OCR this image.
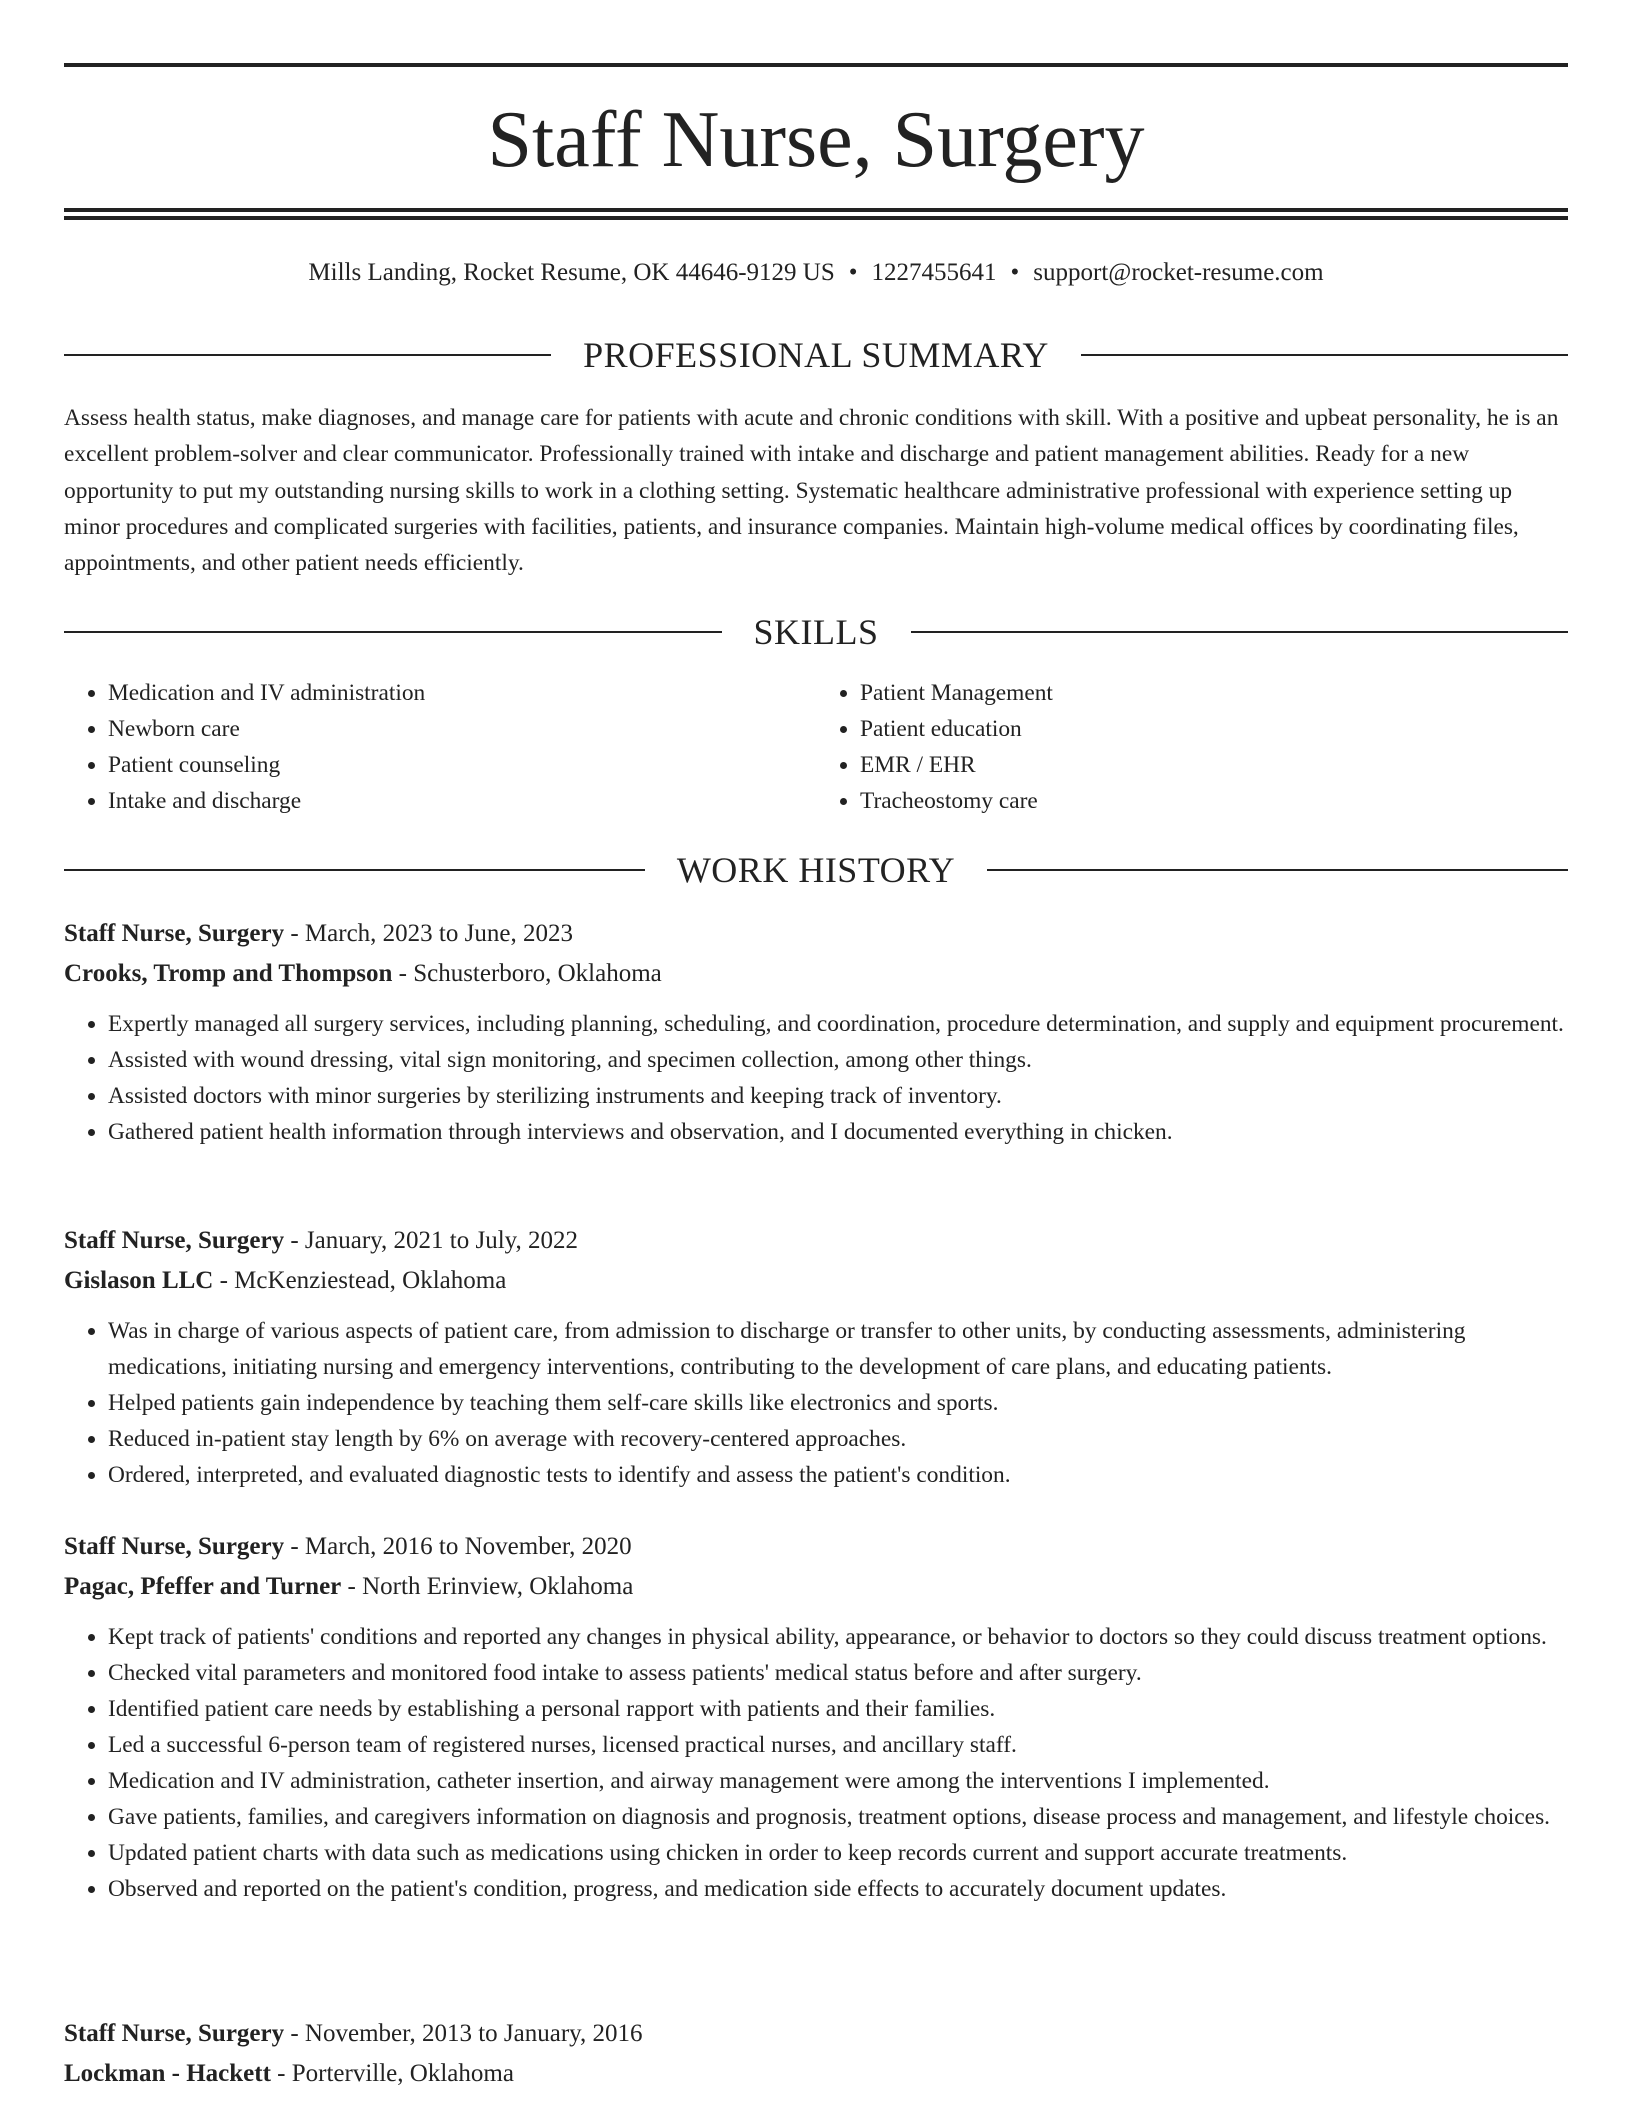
Staff Nurse, Surgery
Mills Landing, Rocket Resume, OK 44646-9129 US • 1227455641 • support@rocket-resume.com
PROFESSIONAL SUMMARY

Assess health status, make diagnoses, and manage care for patients with acute and chronic conditions with skill. With a positive and upbeat personality, he is an excellent problem-solver and clear communicator. Professionally trained with intake and discharge and patient management abilities. Ready for a new opportunity to put my outstanding nursing skills to work in a clothing setting. Systematic healthcare administrative professional with experience setting up minor procedures and complicated surgeries with facilities, patients, and insurance companies. Maintain high-volume medical offices by coordinating files, appointments, and other patient needs efficiently.

SKILLS
• Medication and IV administration
• Newborn care
• Patient counseling
• Intake and discharge
• Patient Management
• Patient education
• EMR / EHR
• Tracheostomy care
WORK HISTORY
Staff Nurse, Surgery - March, 2023 to June, 2023
Crooks, Tromp and Thompson - Schusterboro, Oklahoma
• Expertly managed all surgery services, including planning, scheduling, and coordination, procedure determination, and supply and equipment procurement.
• Assisted with wound dressing, vital sign monitoring, and specimen collection, among other things.
• Assisted doctors with minor surgeries by sterilizing instruments and keeping track of inventory.
• Gathered patient health information through interviews and observation, and I documented everything in chicken.
Staff Nurse, Surgery - January, 2021 to July, 2022
Gislason LLC - McKenziestead, Oklahoma
• Was in charge of various aspects of patient care, from admission to discharge or transfer to other units, by conducting assessments, administering medications, initiating nursing and emergency interventions, contributing to the development of care plans, and educating patients.
• Helped patients gain independence by teaching them self-care skills like electronics and sports.
• Reduced in-patient stay length by 6% on average with recovery-centered approaches.
• Ordered, interpreted, and evaluated diagnostic tests to identify and assess the patient's condition.
Staff Nurse, Surgery - March, 2016 to November, 2020
Pagac, Pfeffer and Turner - North Erinview, Oklahoma
• Kept track of patients' conditions and reported any changes in physical ability, appearance, or behavior to doctors so they could discuss treatment options.
• Checked vital parameters and monitored food intake to assess patients' medical status before and after surgery.
• Identified patient care needs by establishing a personal rapport with patients and their families.
• Led a successful 6-person team of registered nurses, licensed practical nurses, and ancillary staff.
• Medication and IV administration, catheter insertion, and airway management were among the interventions I implemented.
• Gave patients, families, and caregivers information on diagnosis and prognosis, treatment options, disease process and management, and lifestyle choices.
• Updated patient charts with data such as medications using chicken in order to keep records current and support accurate treatments.
• Observed and reported on the patient's condition, progress, and medication side effects to accurately document updates.
Staff Nurse, Surgery - November, 2013 to January, 2016
Lockman - Hackett - Porterville, Oklahoma
